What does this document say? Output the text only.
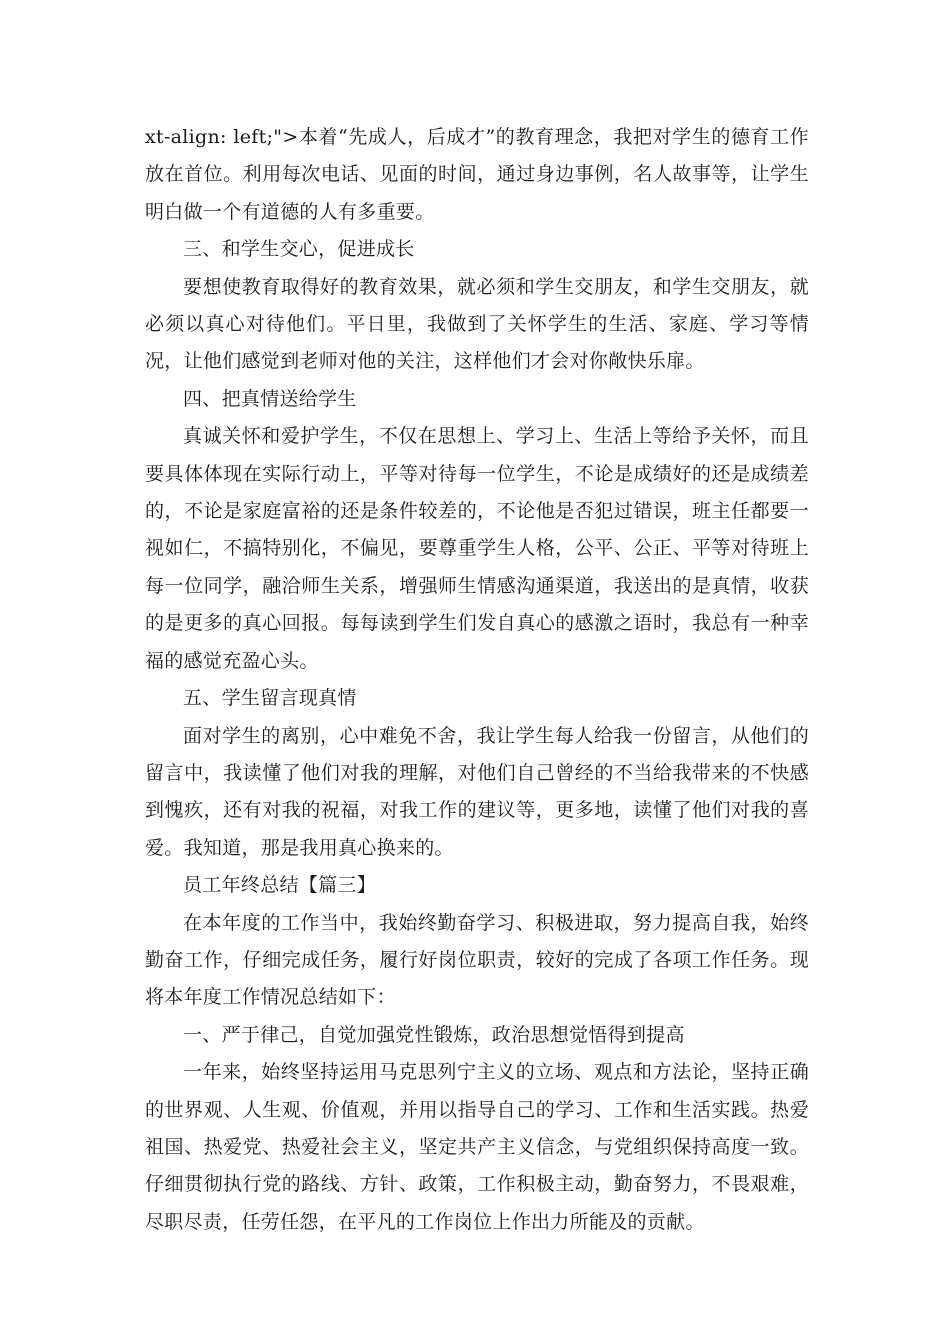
xt-align: left;">本着“先成人，后成才”的教育理念，我把对学生的德育工作放在首位。利用每次电话、见面的时间，通过身边事例，名人故事等，让学生明白做一个有道德的人有多重要。

三、和学生交心，促进成长

要想使教育取得好的教育效果，就必须和学生交朋友，和学生交朋友，就必须以真心对待他们。平日里，我做到了关怀学生的生活、家庭、学习等情况，让他们感觉到老师对他的关注，这样他们才会对你敞快乐扉。

四、把真情送给学生

真诚关怀和爱护学生，不仅在思想上、学习上、生活上等给予关怀，而且要具体体现在实际行动上，平等对待每一位学生，不论是成绩好的还是成绩差的，不论是家庭富裕的还是条件较差的，不论他是否犯过错误，班主任都要一视如仁，不搞特别化，不偏见，要尊重学生人格，公平、公正、平等对待班上每一位同学，融洽师生关系，增强师生情感沟通渠道，我送出的是真情，收获的是更多的真心回报。每每读到学生们发自真心的感激之语时，我总有一种幸福的感觉充盈心头。

五、学生留言现真情

面对学生的离别，心中难免不舍，我让学生每人给我一份留言，从他们的留言中，我读懂了他们对我的理解，对他们自己曾经的不当给我带来的不快感到愧疚，还有对我的祝福，对我工作的建议等，更多地，读懂了他们对我的喜爱。我知道，那是我用真心换来的。

员工年终总结【篇三】

在本年度的工作当中，我始终勤奋学习、积极进取，努力提高自我，始终勤奋工作，仔细完成任务，履行好岗位职责，较好的完成了各项工作任务。现将本年度工作情况总结如下：

一、严于律己，自觉加强党性锻炼，政治思想觉悟得到提高

一年来，始终坚持运用马克思列宁主义的立场、观点和方法论，坚持正确的世界观、人生观、价值观，并用以指导自己的学习、工作和生活实践。热爱祖国、热爱党、热爱社会主义，坚定共产主义信念，与党组织保持高度一致。仔细贯彻执行党的路线、方针、政策，工作积极主动，勤奋努力，不畏艰难，尽职尽责，任劳任怨，在平凡的工作岗位上作出力所能及的贡献。
